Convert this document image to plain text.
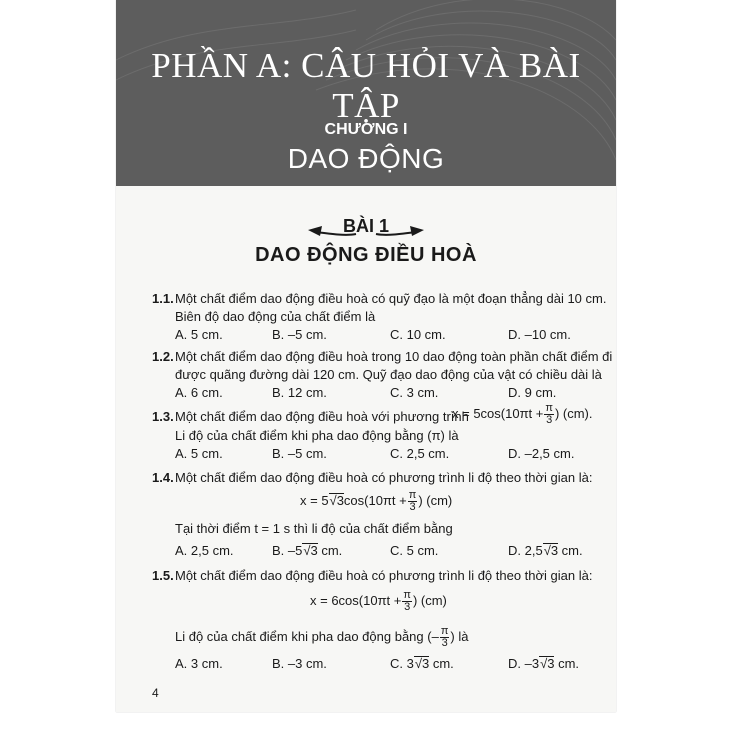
PHẦN A: CÂU HỎI VÀ BÀI TẬP
CHƯƠNG I
DAO ĐỘNG
BÀI 1
DAO ĐỘNG ĐIỀU HOÀ
1.1. Một chất điểm dao động điều hoà có quỹ đạo là một đoạn thẳng dài 10 cm.
Biên độ dao động của chất điểm là
A. 5 cm.	B. –5 cm.	C. 10 cm.	D. –10 cm.
1.2. Một chất điểm dao động điều hoà trong 10 dao động toàn phần chất điểm đi
được quãng đường dài 120 cm. Quỹ đạo dao động của vật có chiều dài là
A. 6 cm.	B. 12 cm.	C. 3 cm.	D. 9 cm.
1.3. Một chất điểm dao động điều hoà với phương trình
$x = 5\cos(10\pi t + \frac{\pi}{3}$ ) (cm).
Li độ của chất điểm khi pha dao động bằng (π) là
A. 5 cm.	B. –5 cm.	C. 2,5 cm.	D. –2,5 cm.
1.4. Một chất điểm dao động điều hoà có phương trình li độ theo thời gian là:
$x = 5√3\cos(10\pi t + \frac{\pi}{3}$ ) (cm)
Tại thời điểm t = 1 s thì li độ của chất điểm bằng
A. 2,5 cm.	B. –5√3 cm.	C. 5 cm.	D. 2,5√3 cm.
1.5. Một chất điểm dao động điều hoà có phương trình li độ theo thời gian là:
$x = 6\cos(10\pi t + \frac{\pi}{3}$ ) (cm)
Li độ của chất điểm khi pha dao động bằng (– $\frac{\pi}{3}$ ) là
A. 3 cm.	B. –3 cm.	C. 3√3 cm.	D. –3√3 cm.
4
